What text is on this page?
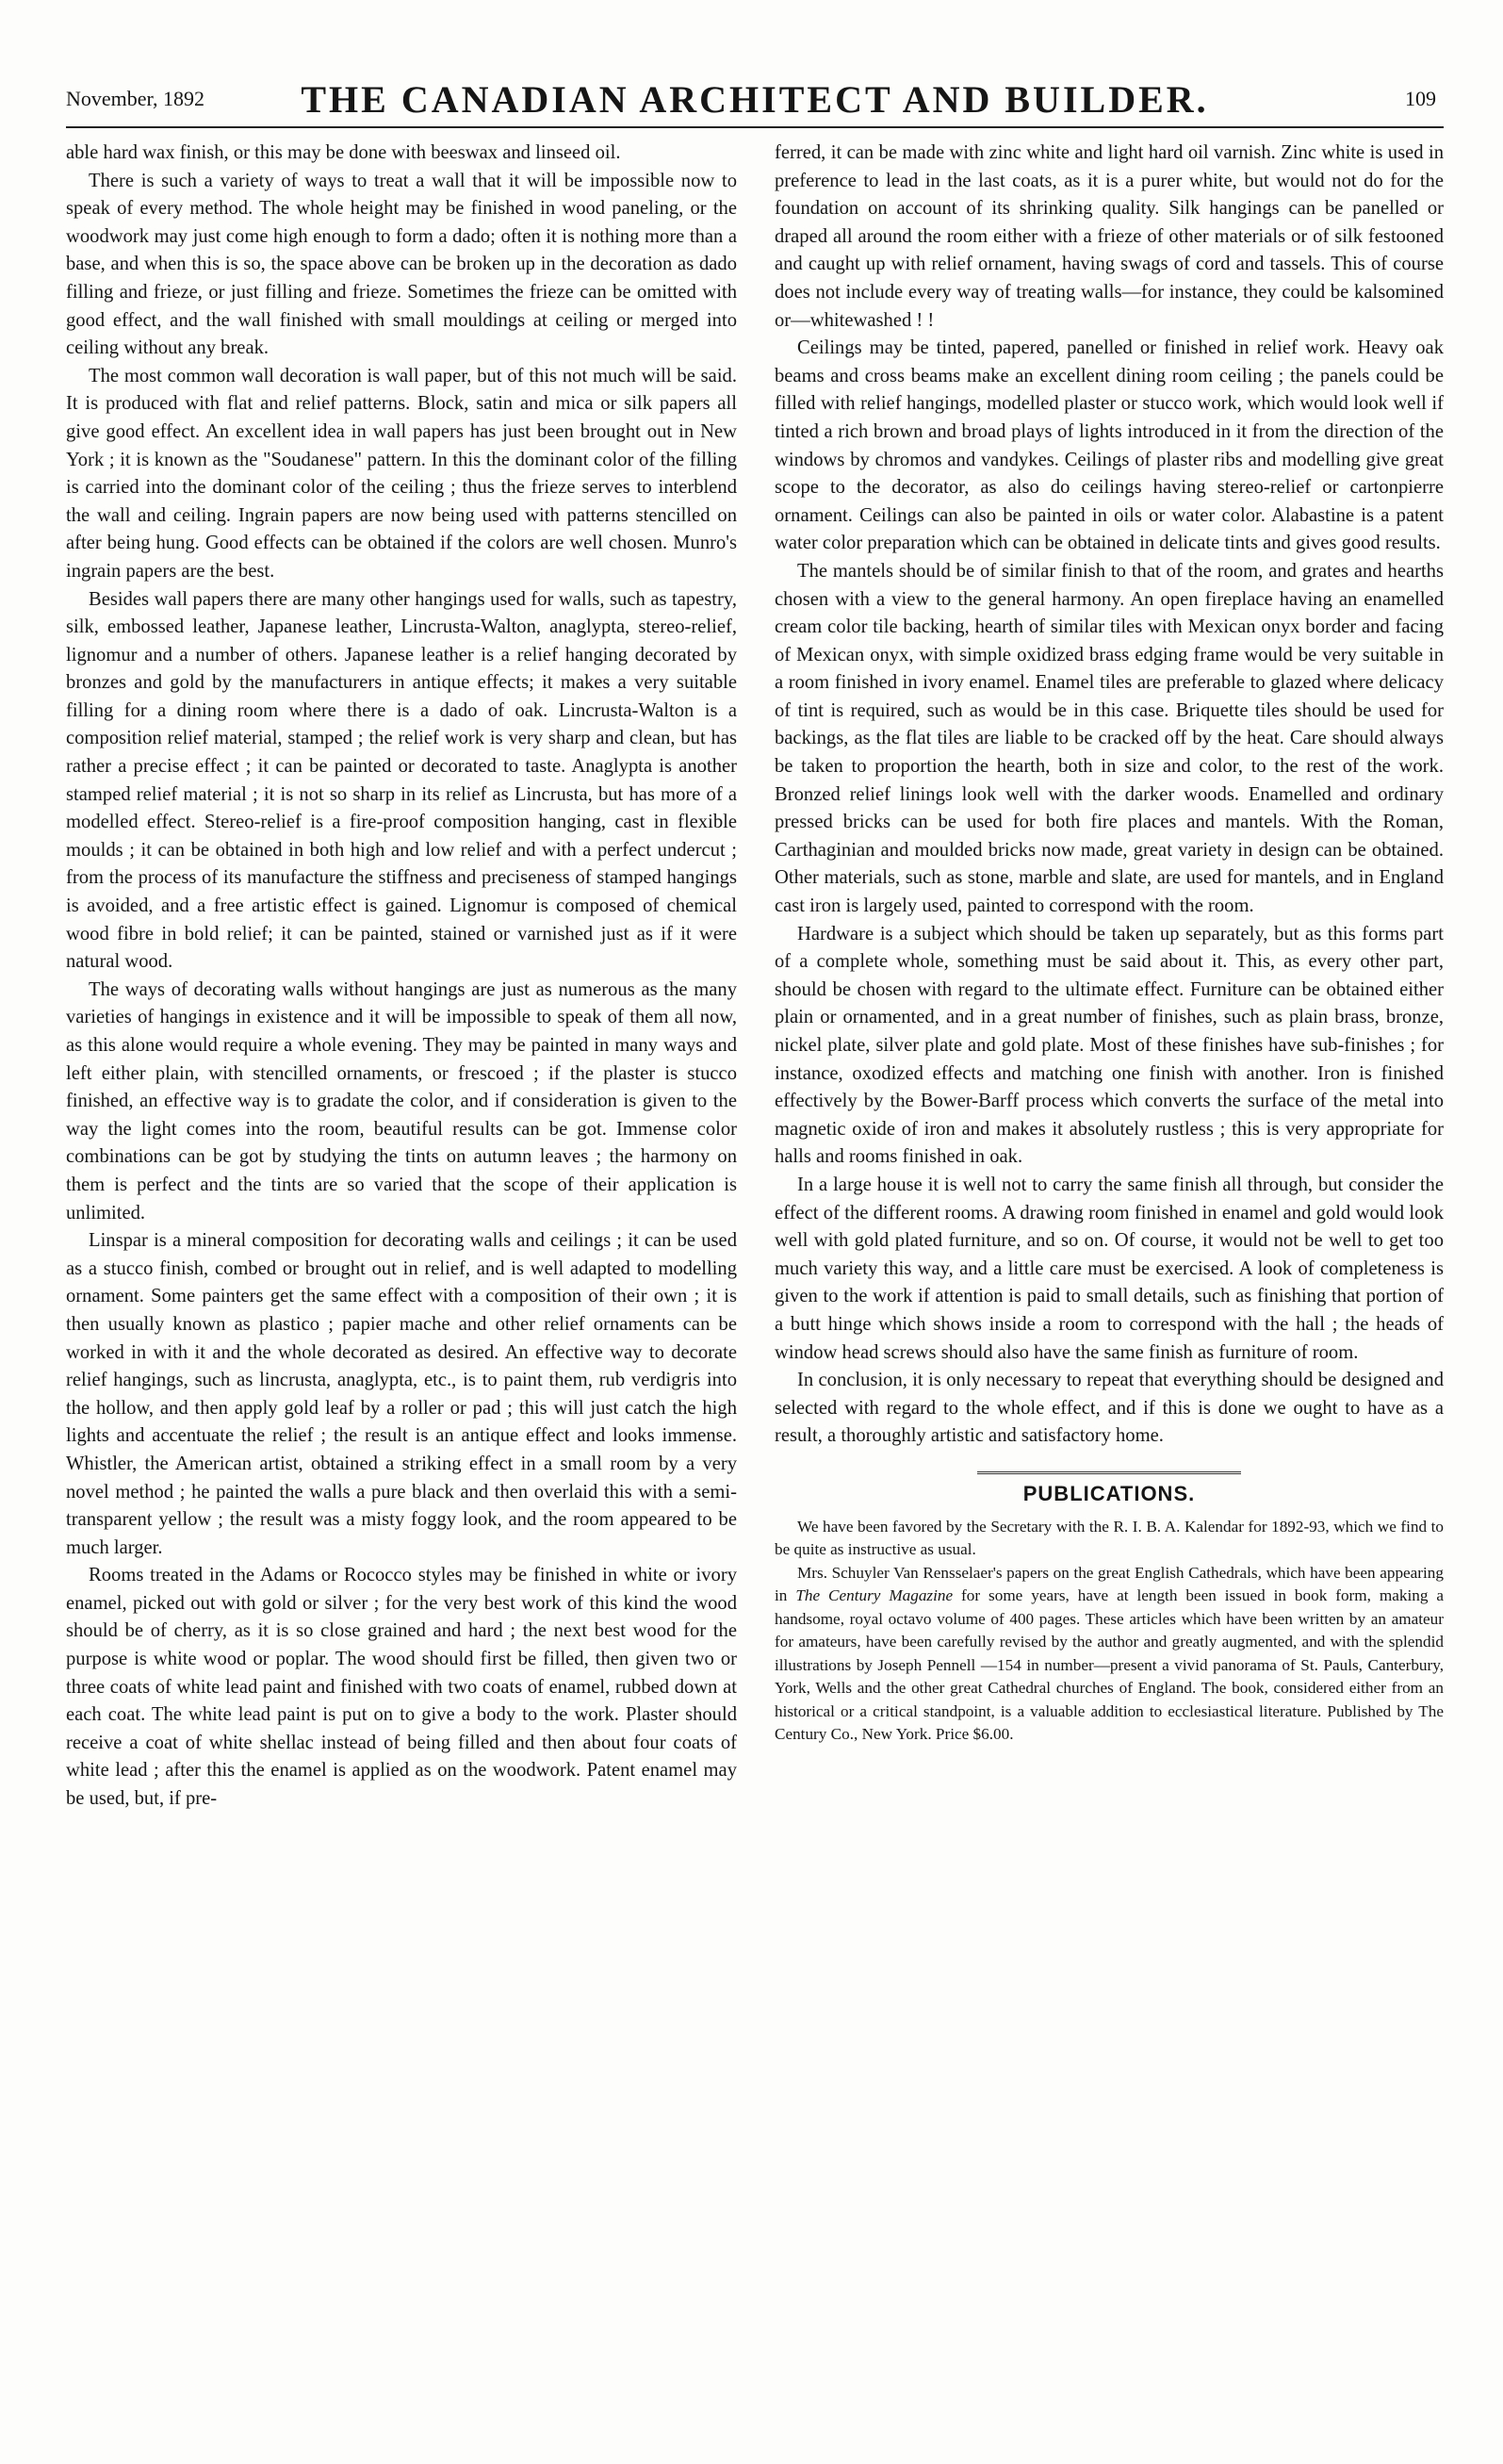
November, 1892	THE CANADIAN ARCHITECT AND BUILDER.	109

able hard wax finish, or this may be done with beeswax and linseed oil.

There is such a variety of ways to treat a wall that it will be impossible now to speak of every method. The whole height may be finished in wood paneling, or the woodwork may just come high enough to form a dado; often it is nothing more than a base, and when this is so, the space above can be broken up in the decoration as dado filling and frieze, or just filling and frieze. Sometimes the frieze can be omitted with good effect, and the wall finished with small mouldings at ceiling or merged into ceiling without any break.

The most common wall decoration is wall paper, but of this not much will be said. It is produced with flat and relief patterns. Block, satin and mica or silk papers all give good effect. An excellent idea in wall papers has just been brought out in New York ; it is known as the "Soudanese" pattern. In this the dominant color of the filling is carried into the dominant color of the ceiling ; thus the frieze serves to interblend the wall and ceiling. Ingrain papers are now being used with patterns stencilled on after being hung. Good effects can be obtained if the colors are well chosen. Munro's ingrain papers are the best.

Besides wall papers there are many other hangings used for walls, such as tapestry, silk, embossed leather, Japanese leather, Lincrusta-Walton, anaglypta, stereo-relief, lignomur and a number of others. Japanese leather is a relief hanging decorated by bronzes and gold by the manufacturers in antique effects; it makes a very suitable filling for a dining room where there is a dado of oak. Lincrusta-Walton is a composition relief material, stamped ; the relief work is very sharp and clean, but has rather a precise effect ; it can be painted or decorated to taste. Anaglypta is another stamped relief material ; it is not so sharp in its relief as Lincrusta, but has more of a modelled effect. Stereo-relief is a fire-proof composition hanging, cast in flexible moulds ; it can be obtained in both high and low relief and with a perfect undercut ; from the process of its manufacture the stiffness and preciseness of stamped hangings is avoided, and a free artistic effect is gained. Lignomur is composed of chemical wood fibre in bold relief; it can be painted, stained or varnished just as if it were natural wood.

The ways of decorating walls without hangings are just as numerous as the many varieties of hangings in existence and it will be impossible to speak of them all now, as this alone would require a whole evening. They may be painted in many ways and left either plain, with stencilled ornaments, or frescoed ; if the plaster is stucco finished, an effective way is to gradate the color, and if consideration is given to the way the light comes into the room, beautiful results can be got. Immense color combinations can be got by studying the tints on autumn leaves ; the harmony on them is perfect and the tints are so varied that the scope of their application is unlimited.

Linspar is a mineral composition for decorating walls and ceilings ; it can be used as a stucco finish, combed or brought out in relief, and is well adapted to modelling ornament. Some painters get the same effect with a composition of their own ; it is then usually known as plastico ; papier mache and other relief ornaments can be worked in with it and the whole decorated as desired. An effective way to decorate relief hangings, such as lincrusta, anaglypta, etc., is to paint them, rub verdigris into the hollow, and then apply gold leaf by a roller or pad ; this will just catch the high lights and accentuate the relief ; the result is an antique effect and looks immense. Whistler, the American artist, obtained a striking effect in a small room by a very novel method ; he painted the walls a pure black and then overlaid this with a semi-transparent yellow ; the result was a misty foggy look, and the room appeared to be much larger.

Rooms treated in the Adams or Rococco styles may be finished in white or ivory enamel, picked out with gold or silver ; for the very best work of this kind the wood should be of cherry, as it is so close grained and hard ; the next best wood for the purpose is white wood or poplar. The wood should first be filled, then given two or three coats of white lead paint and finished with two coats of enamel, rubbed down at each coat. The white lead paint is put on to give a body to the work. Plaster should receive a coat of white shellac instead of being filled and then about four coats of white lead ; after this the enamel is applied as on the woodwork. Patent enamel may be used, but, if pre-

ferred, it can be made with zinc white and light hard oil varnish. Zinc white is used in preference to lead in the last coats, as it is a purer white, but would not do for the foundation on account of its shrinking quality. Silk hangings can be panelled or draped all around the room either with a frieze of other materials or of silk festooned and caught up with relief ornament, having swags of cord and tassels. This of course does not include every way of treating walls—for instance, they could be kalsomined or—whitewashed ! !

Ceilings may be tinted, papered, panelled or finished in relief work. Heavy oak beams and cross beams make an excellent dining room ceiling ; the panels could be filled with relief hangings, modelled plaster or stucco work, which would look well if tinted a rich brown and broad plays of lights introduced in it from the direction of the windows by chromos and vandykes. Ceilings of plaster ribs and modelling give great scope to the decorator, as also do ceilings having stereo-relief or cartonpierre ornament. Ceilings can also be painted in oils or water color. Alabastine is a patent water color preparation which can be obtained in delicate tints and gives good results.

The mantels should be of similar finish to that of the room, and grates and hearths chosen with a view to the general harmony. An open fireplace having an enamelled cream color tile backing, hearth of similar tiles with Mexican onyx border and facing of Mexican onyx, with simple oxidized brass edging frame would be very suitable in a room finished in ivory enamel. Enamel tiles are preferable to glazed where delicacy of tint is required, such as would be in this case. Briquette tiles should be used for backings, as the flat tiles are liable to be cracked off by the heat. Care should always be taken to proportion the hearth, both in size and color, to the rest of the work. Bronzed relief linings look well with the darker woods. Enamelled and ordinary pressed bricks can be used for both fire places and mantels. With the Roman, Carthaginian and moulded bricks now made, great variety in design can be obtained. Other materials, such as stone, marble and slate, are used for mantels, and in England cast iron is largely used, painted to correspond with the room.

Hardware is a subject which should be taken up separately, but as this forms part of a complete whole, something must be said about it. This, as every other part, should be chosen with regard to the ultimate effect. Furniture can be obtained either plain or ornamented, and in a great number of finishes, such as plain brass, bronze, nickel plate, silver plate and gold plate. Most of these finishes have sub-finishes ; for instance, oxodized effects and matching one finish with another. Iron is finished effectively by the Bower-Barff process which converts the surface of the metal into magnetic oxide of iron and makes it absolutely rustless ; this is very appropriate for halls and rooms finished in oak.

In a large house it is well not to carry the same finish all through, but consider the effect of the different rooms. A drawing room finished in enamel and gold would look well with gold plated furniture, and so on. Of course, it would not be well to get too much variety this way, and a little care must be exercised. A look of completeness is given to the work if attention is paid to small details, such as finishing that portion of a butt hinge which shows inside a room to correspond with the hall ; the heads of window head screws should also have the same finish as furniture of room.

In conclusion, it is only necessary to repeat that everything should be designed and selected with regard to the whole effect, and if this is done we ought to have as a result, a thoroughly artistic and satisfactory home.

PUBLICATIONS.

We have been favored by the Secretary with the R. I. B. A. Kalendar for 1892-93, which we find to be quite as instructive as usual.

Mrs. Schuyler Van Rensselaer's papers on the great English Cathedrals, which have been appearing in The Century Magazine for some years, have at length been issued in book form, making a handsome, royal octavo volume of 400 pages. These articles which have been written by an amateur for amateurs, have been carefully revised by the author and greatly augmented, and with the splendid illustrations by Joseph Pennell —154 in number—present a vivid panorama of St. Pauls, Canterbury, York, Wells and the other great Cathedral churches of England. The book, considered either from an historical or a critical standpoint, is a valuable addition to ecclesiastical literature. Published by The Century Co., New York. Price $6.00.
